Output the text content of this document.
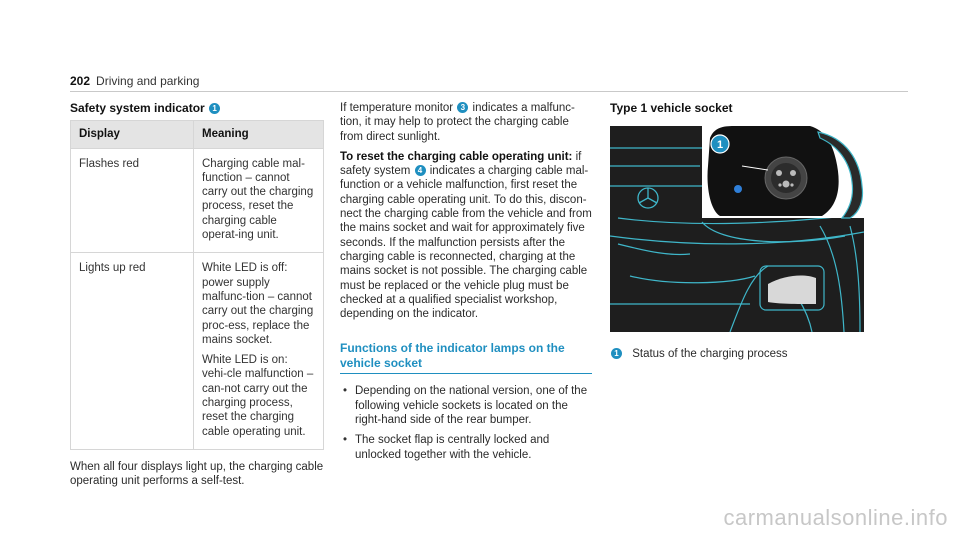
202 Driving and parking
Safety system indicator 1
Display	Meaning
Flashes red	Charging cable mal-function – cannot carry out the charging process, reset the charging cable operat-ing unit.

Lights up red	White LED is off: power supply malfunc-tion – cannot carry out the charging proc-ess, replace the mains socket.

White LED is on: vehi-cle malfunction – can-not carry out the charging process, reset the charging cable operating unit.

When all four displays light up, the charging cable operating unit performs a self-test.

If temperature monitor 3 indicates a malfunc-tion, it may help to protect the charging cable from direct sunlight.

To reset the charging cable operating unit: if safety system 4 indicates a charging cable mal-function or a vehicle malfunction, first reset the charging cable operating unit. To do this, discon-nect the charging cable from the vehicle and from the mains socket and wait for approximately five seconds. If the malfunction persists after the charging cable is reconnected, charging at the mains socket is not possible. The charging cable must be replaced or the vehicle plug must be checked at a qualified specialist workshop, depending on the indicator.

Functions of the indicator lamps on the vehicle socket
• Depending on the national version, one of the following vehicle sockets is located on the right-hand side of the rear bumper.
• The socket flap is centrally locked and unlocked together with the vehicle.
Type 1 vehicle socket
1
1 Status of the charging process
carmanualsonline.info
